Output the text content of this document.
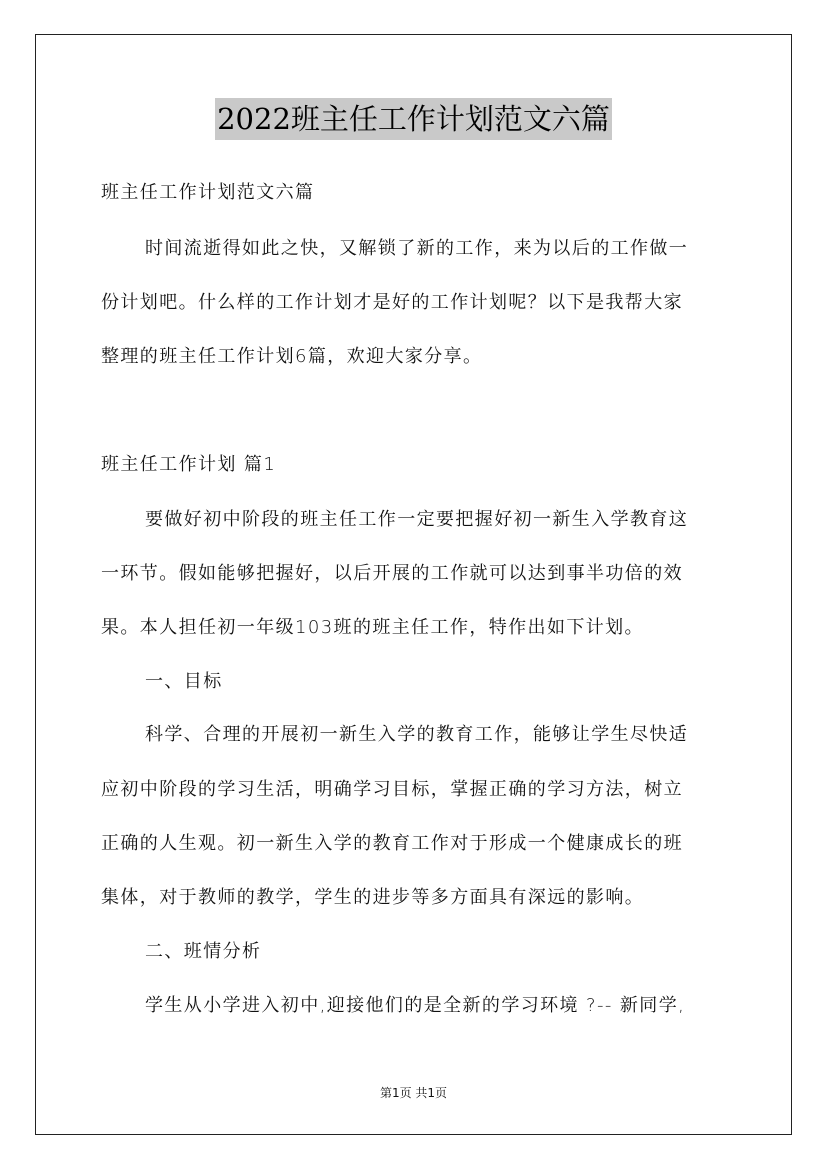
2022班主任工作计划范文六篇
班主任工作计划范文六篇
时间流逝得如此之快，又解锁了新的工作，来为以后的工作做一
份计划吧。什么样的工作计划才是好的工作计划呢？以下是我帮大家
整理的班主任工作计划6篇，欢迎大家分享。
班主任工作计划 篇1
要做好初中阶段的班主任工作一定要把握好初一新生入学教育这
一环节。假如能够把握好，以后开展的工作就可以达到事半功倍的效
果。本人担任初一年级103班的班主任工作，特作出如下计划。
一、目标
科学、合理的开展初一新生入学的教育工作，能够让学生尽快适
应初中阶段的学习生活，明确学习目标，掌握正确的学习方法，树立
正确的人生观。初一新生入学的教育工作对于形成一个健康成长的班
集体，对于教师的教学，学生的进步等多方面具有深远的影响。
二、班情分析
学生从小学进入初中,迎接他们的是全新的学习环境 ?-- 新同学,
第1页 共1页
